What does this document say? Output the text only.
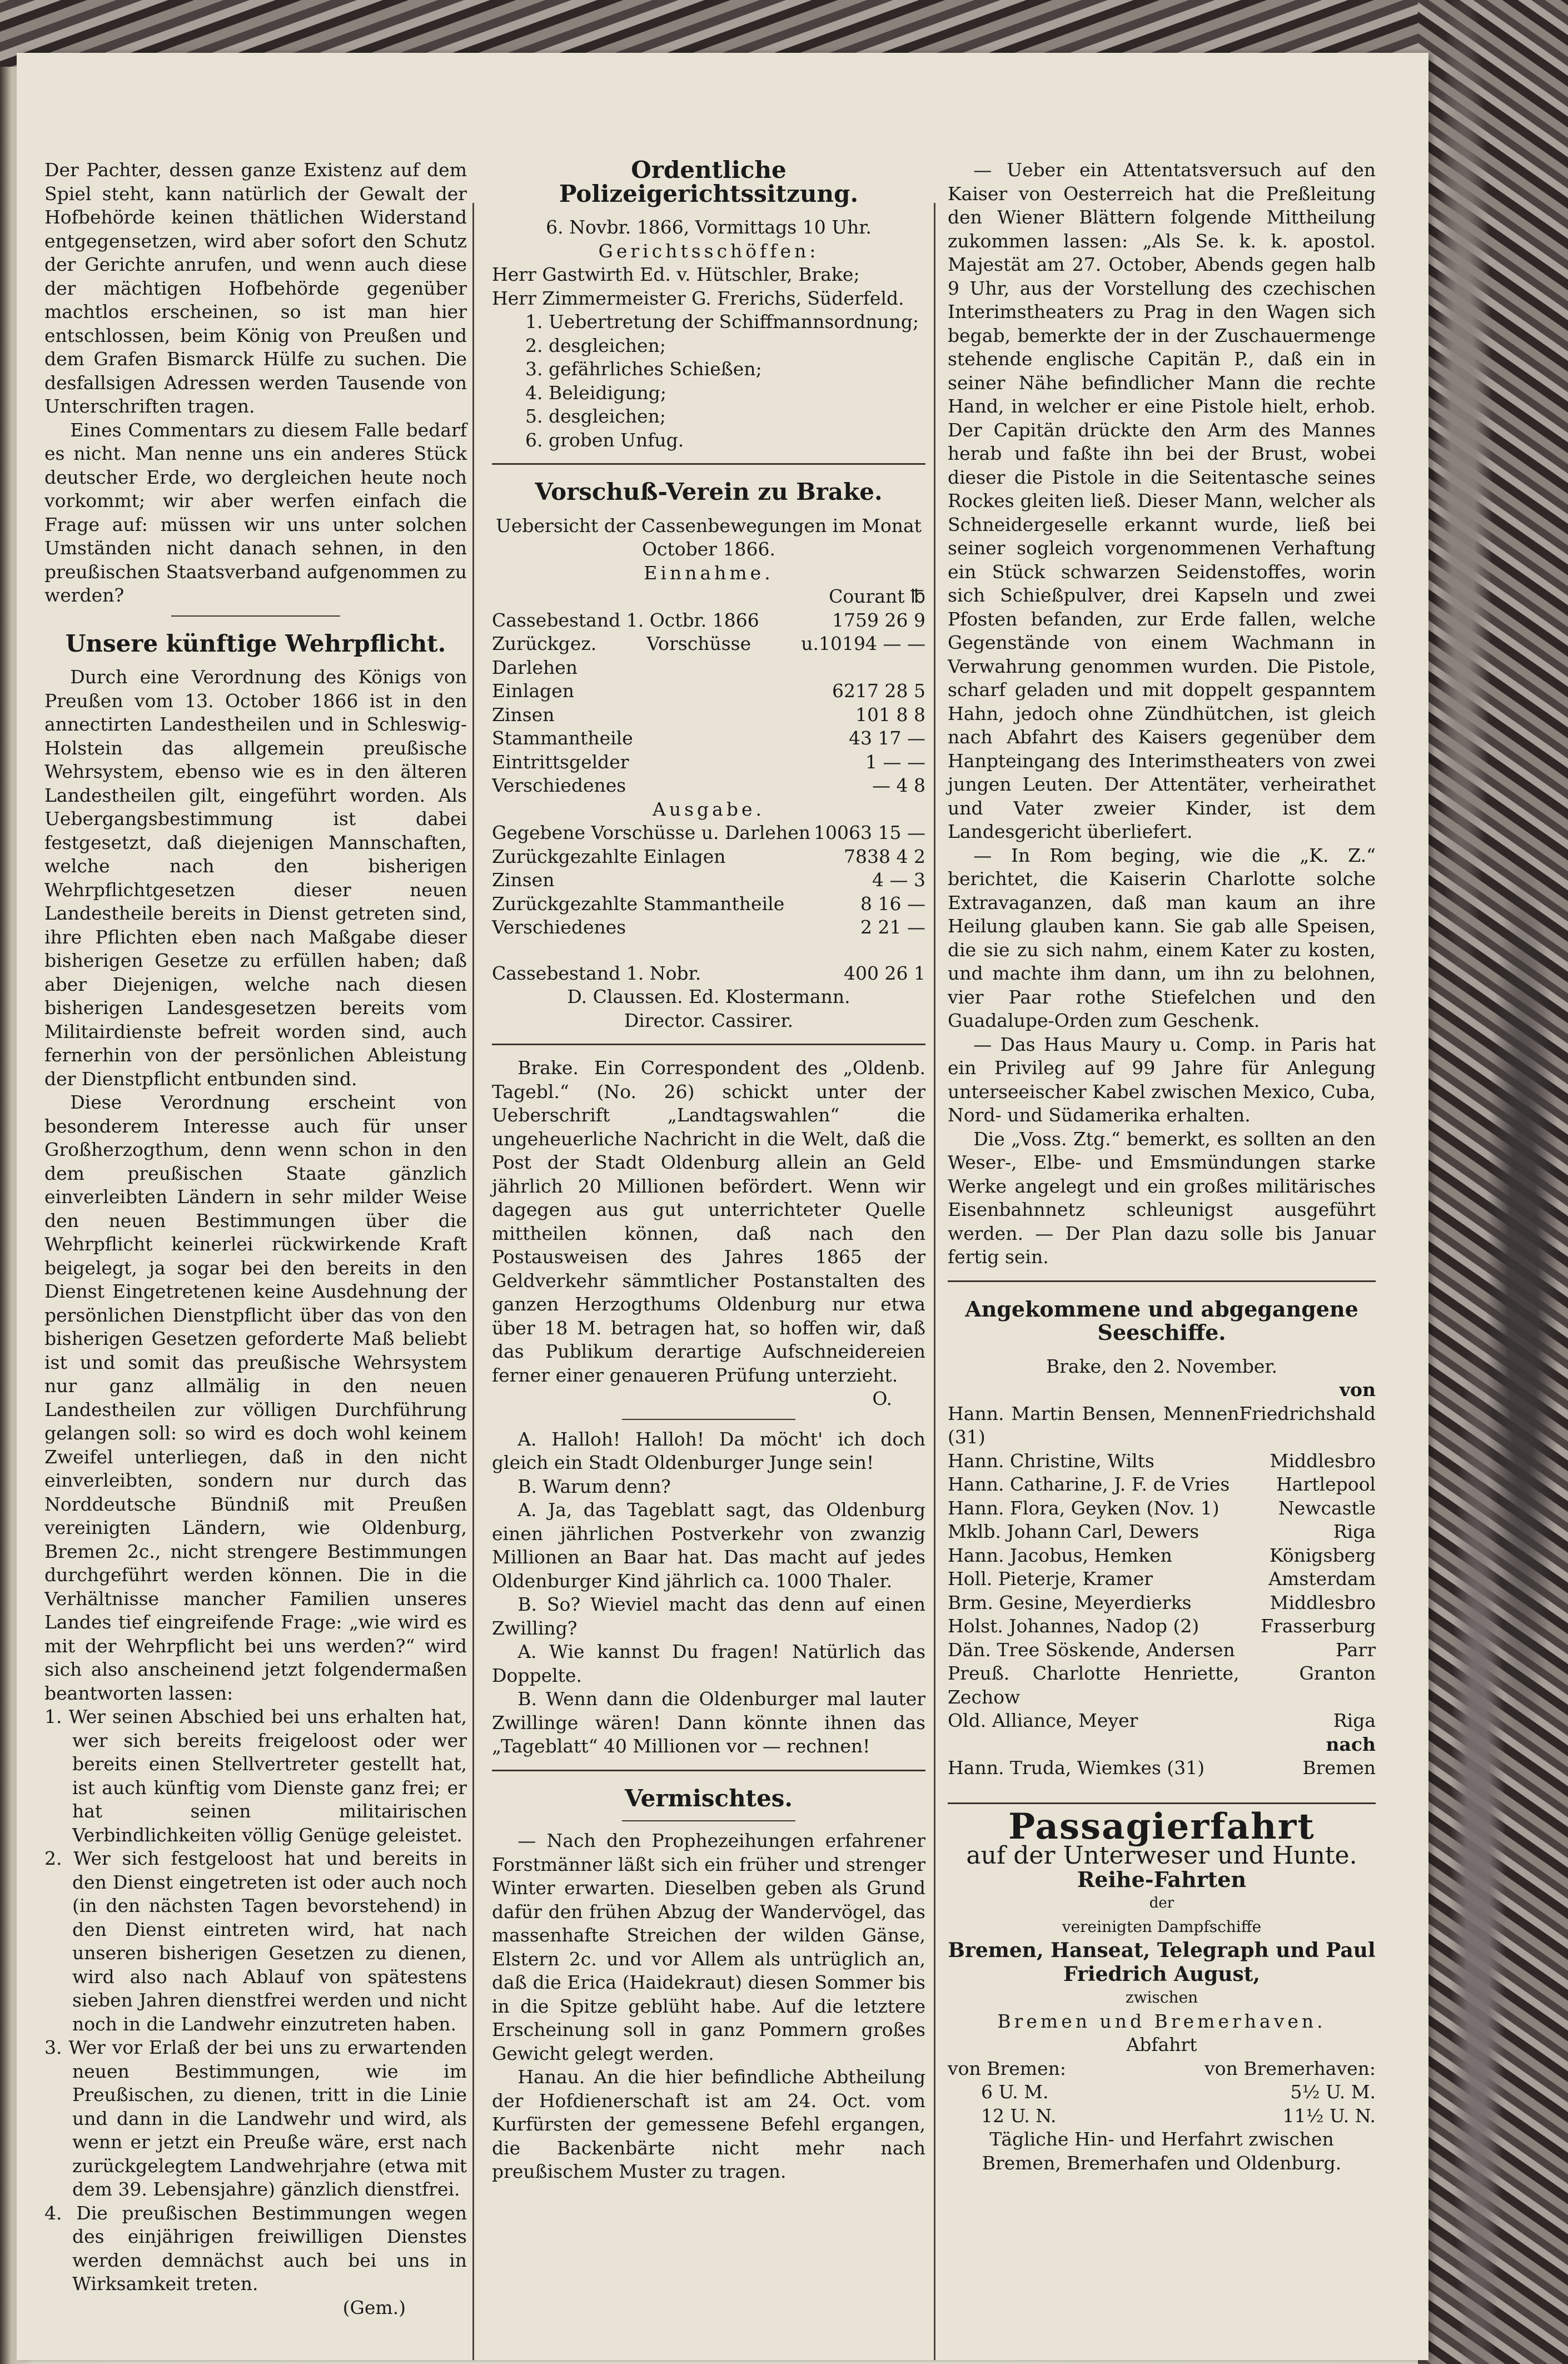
Der Pachter, dessen ganze Existenz auf dem Spiel steht, kann natürlich der Gewalt der Hofbehörde keinen thätlichen Widerstand entgegensetzen, wird aber sofort den Schutz der Gerichte anrufen, und wenn auch diese der mächtigen Hofbehörde gegenüber machtlos erscheinen, so ist man hier entschlossen, beim König von Preußen und dem Grafen Bismarck Hülfe zu suchen. Die desfallsigen Adressen werden Tausende von Unterschriften tragen.

Eines Commentars zu diesem Falle bedarf es nicht. Man nenne uns ein anderes Stück deutscher Erde, wo dergleichen heute noch vorkommt; wir aber werfen einfach die Frage auf: müssen wir uns unter solchen Umständen nicht danach sehnen, in den preußischen Staatsverband aufgenommen zu werden?

Unsere künftige Wehrpflicht.

Durch eine Verordnung des Königs von Preußen vom 13. October 1866 ist in den annectirten Landestheilen und in Schleswig-Holstein das allgemein preußische Wehrsystem, ebenso wie es in den älteren Landestheilen gilt, eingeführt worden. Als Uebergangsbestimmung ist dabei festgesetzt, daß diejenigen Mannschaften, welche nach den bisherigen Wehrpflichtgesetzen dieser neuen Landestheile bereits in Dienst getreten sind, ihre Pflichten eben nach Maßgabe dieser bisherigen Gesetze zu erfüllen haben; daß aber Diejenigen, welche nach diesen bisherigen Landesgesetzen bereits vom Militairdienste befreit worden sind, auch fernerhin von der persönlichen Ableistung der Dienstpflicht entbunden sind.

Diese Verordnung erscheint von besonderem Interesse auch für unser Großherzogthum, denn wenn schon in den dem preußischen Staate gänzlich einverleibten Ländern in sehr milder Weise den neuen Bestimmungen über die Wehrpflicht keinerlei rückwirkende Kraft beigelegt, ja sogar bei den bereits in den Dienst Eingetretenen keine Ausdehnung der persönlichen Dienstpflicht über das von den bisherigen Gesetzen geforderte Maß beliebt ist und somit das preußische Wehrsystem nur ganz allmälig in den neuen Landestheilen zur völligen Durchführung gelangen soll: so wird es doch wohl keinem Zweifel unterliegen, daß in den nicht einverleibten, sondern nur durch das Norddeutsche Bündniß mit Preußen vereinigten Ländern, wie Oldenburg, Bremen 2c., nicht strengere Bestimmungen durchgeführt werden können. Die in die Verhältnisse mancher Familien unseres Landes tief eingreifende Frage: „wie wird es mit der Wehrpflicht bei uns werden?“ wird sich also anscheinend jetzt folgendermaßen beantworten lassen:

1. Wer seinen Abschied bei uns erhalten hat, wer sich bereits freigeloost oder wer bereits einen Stellvertreter gestellt hat, ist auch künftig vom Dienste ganz frei; er hat seinen militairischen Verbindlichkeiten völlig Genüge geleistet.
2. Wer sich festgeloost hat und bereits in den Dienst eingetreten ist oder auch noch (in den nächsten Tagen bevorstehend) in den Dienst eintreten wird, hat nach unseren bisherigen Gesetzen zu dienen, wird also nach Ablauf von spätestens sieben Jahren dienstfrei werden und nicht noch in die Landwehr einzutreten haben.
3. Wer vor Erlaß der bei uns zu erwartenden neuen Bestimmungen, wie im Preußischen, zu dienen, tritt in die Linie und dann in die Landwehr und wird, als wenn er jetzt ein Preuße wäre, erst nach zurückgelegtem Landwehrjahre (etwa mit dem 39. Lebensjahre) gänzlich dienstfrei.
4. Die preußischen Bestimmungen wegen des einjährigen freiwilligen Dienstes werden demnächst auch bei uns in Wirksamkeit treten.
(Gem.)
Ordentliche Polizeigerichtssitzung.

6. Novbr. 1866, Vormittags 10 Uhr.

Gerichtsschöffen:

Herr Gastwirth Ed. v. Hütschler, Brake;

Herr Zimmermeister G. Frerichs, Süderfeld.

1. Uebertretung der Schiffmannsordnung;
2. desgleichen;
3. gefährliches Schießen;
4. Beleidigung;
5. desgleichen;
6. groben Unfug.
Vorschuß-Verein zu Brake.

Uebersicht der Cassenbewegungen im Monat October 1866.

Einnahme.

Courant ℔

Cassebestand 1. Octbr. 1866	1759 26 9
Zurückgez. Vorschüsse u. Darlehen	10194 — —
Einlagen	6217 28 5
Zinsen	101 8 8
Stammantheile	43 17 —
Eintrittsgelder	1 — —
Verschiedenes	— 4 8

Ausgabe.

Gegebene Vorschüsse u. Darlehen	10063 15 —
Zurückgezahlte Einlagen	7838 4 2
Zinsen	4 — 3
Zurückgezahlte Stammantheile	8 16 —
Verschiedenes	2 21 —
Cassebestand 1. Nobr.	400 26 1

D. Claussen. Ed. Klostermann.

Director. Cassirer.

Brake. Ein Correspondent des „Oldenb. Tagebl.“ (No. 26) schickt unter der Ueberschrift „Landtagswahlen“ die ungeheuerliche Nachricht in die Welt, daß die Post der Stadt Oldenburg allein an Geld jährlich 20 Millionen befördert. Wenn wir dagegen aus gut unterrichteter Quelle mittheilen können, daß nach den Postausweisen des Jahres 1865 der Geldverkehr sämmtlicher Postanstalten des ganzen Herzogthums Oldenburg nur etwa über 18 M. betragen hat, so hoffen wir, daß das Publikum derartige Aufschneidereien ferner einer genaueren Prüfung unterzieht.

O.

A. Halloh! Halloh! Da möcht' ich doch gleich ein Stadt Oldenburger Junge sein!

B. Warum denn?

A. Ja, das Tageblatt sagt, das Oldenburg einen jährlichen Postverkehr von zwanzig Millionen an Baar hat. Das macht auf jedes Oldenburger Kind jährlich ca. 1000 Thaler.

B. So? Wieviel macht das denn auf einen Zwilling?

A. Wie kannst Du fragen! Natürlich das Doppelte.

B. Wenn dann die Oldenburger mal lauter Zwillinge wären! Dann könnte ihnen das „Tageblatt“ 40 Millionen vor — rechnen!

Vermischtes.

— Nach den Prophezeihungen erfahrener Forstmänner läßt sich ein früher und strenger Winter erwarten. Dieselben geben als Grund dafür den frühen Abzug der Wandervögel, das massenhafte Streichen der wilden Gänse, Elstern 2c. und vor Allem als untrüglich an, daß die Erica (Haidekraut) diesen Sommer bis in die Spitze geblüht habe. Auf die letztere Erscheinung soll in ganz Pommern großes Gewicht gelegt werden.

Hanau. An die hier befindliche Abtheilung der Hofdienerschaft ist am 24. Oct. vom Kurfürsten der gemessene Befehl ergangen, die Backenbärte nicht mehr nach preußischem Muster zu tragen.

— Ueber ein Attentatsversuch auf den Kaiser von Oesterreich hat die Preßleitung den Wiener Blättern folgende Mittheilung zukommen lassen: „Als Se. k. k. apostol. Majestät am 27. October, Abends gegen halb 9 Uhr, aus der Vorstellung des czechischen Interimstheaters zu Prag in den Wagen sich begab, bemerkte der in der Zuschauermenge stehende englische Capitän P., daß ein in seiner Nähe befindlicher Mann die rechte Hand, in welcher er eine Pistole hielt, erhob. Der Capitän drückte den Arm des Mannes herab und faßte ihn bei der Brust, wobei dieser die Pistole in die Seitentasche seines Rockes gleiten ließ. Dieser Mann, welcher als Schneidergeselle erkannt wurde, ließ bei seiner sogleich vorgenommenen Verhaftung ein Stück schwarzen Seidenstoffes, worin sich Schießpulver, drei Kapseln und zwei Pfosten befanden, zur Erde fallen, welche Gegenstände von einem Wachmann in Verwahrung genommen wurden. Die Pistole, scharf geladen und mit doppelt gespanntem Hahn, jedoch ohne Zündhütchen, ist gleich nach Abfahrt des Kaisers gegenüber dem Hanpteingang des Interimstheaters von zwei jungen Leuten. Der Attentäter, verheirathet und Vater zweier Kinder, ist dem Landesgericht überliefert.

— In Rom beging, wie die „K. Z.“ berichtet, die Kaiserin Charlotte solche Extravaganzen, daß man kaum an ihre Heilung glauben kann. Sie gab alle Speisen, die sie zu sich nahm, einem Kater zu kosten, und machte ihm dann, um ihn zu belohnen, vier Paar rothe Stiefelchen und den Guadalupe-Orden zum Geschenk.

— Das Haus Maury u. Comp. in Paris hat ein Privileg auf 99 Jahre für Anlegung unterseeischer Kabel zwischen Mexico, Cuba, Nord- und Südamerika erhalten.

Die „Voss. Ztg.“ bemerkt, es sollten an den Weser-, Elbe- und Emsmündungen starke Werke angelegt und ein großes militärisches Eisenbahnnetz schleunigst ausgeführt werden. — Der Plan dazu solle bis Januar fertig sein.

Angekommene und abgegangene Seeschiffe.

Brake, den 2. November.

von

Hann. Martin Bensen, Mennen (31)	Friedrichshald
Hann. Christine, Wilts	Middlesbro
Hann. Catharine, J. F. de Vries	Hartlepool
Hann. Flora, Geyken (Nov. 1)	Newcastle
Mklb. Johann Carl, Dewers	Riga
Hann. Jacobus, Hemken	Königsberg
Holl. Pieterje, Kramer	Amsterdam
Brm. Gesine, Meyerdierks	Middlesbro
Holst. Johannes, Nadop (2)	Frasserburg
Dän. Tree Söskende, Andersen	Parr
Preuß. Charlotte Henriette, Zechow	Granton
Old. Alliance, Meyer	Riga

nach

Hann. Truda, Wiemkes (31)	Bremen
Passagierfahrt
auf der Unterweser und Hunte.

Reihe-Fahrten

der

vereinigten Dampfschiffe

Bremen, Hanseat, Telegraph und Paul Friedrich August,

zwischen

Bremen und Bremerhaven.

Abfahrt

von Bremen:	von Bremerhaven:
6 U. M.	5½ U. M.
12 U. N.	11½ U. N.

Tägliche Hin- und Herfahrt zwischen Bremen, Bremerhafen und Oldenburg.
